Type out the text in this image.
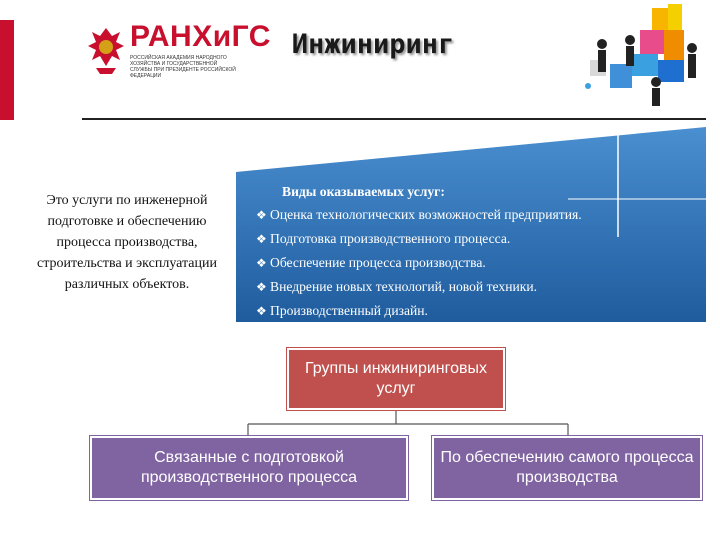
РАНХиГС
РОССИЙСКАЯ АКАДЕМИЯ НАРОДНОГО ХОЗЯЙСТВА И ГОСУДАРСТВЕННОЙ СЛУЖБЫ ПРИ ПРЕЗИДЕНТЕ РОССИЙСКОЙ ФЕДЕРАЦИИ
Инжиниринг
Это услуги по инженерной подготовке и обеспечению процесса производства, строительства и эксплуатации различных объектов.
Виды оказываемых услуг:
❖ Оценка технологических возможностей предприятия.
❖ Подготовка производственного процесса.
❖ Обеспечение процесса производства.
❖ Внедрение новых технологий, новой техники.
❖ Производственный дизайн.
Группы инжиниринговых услуг
Связанные с подготовкой производственного процесса
По обеспечению самого процесса производства
